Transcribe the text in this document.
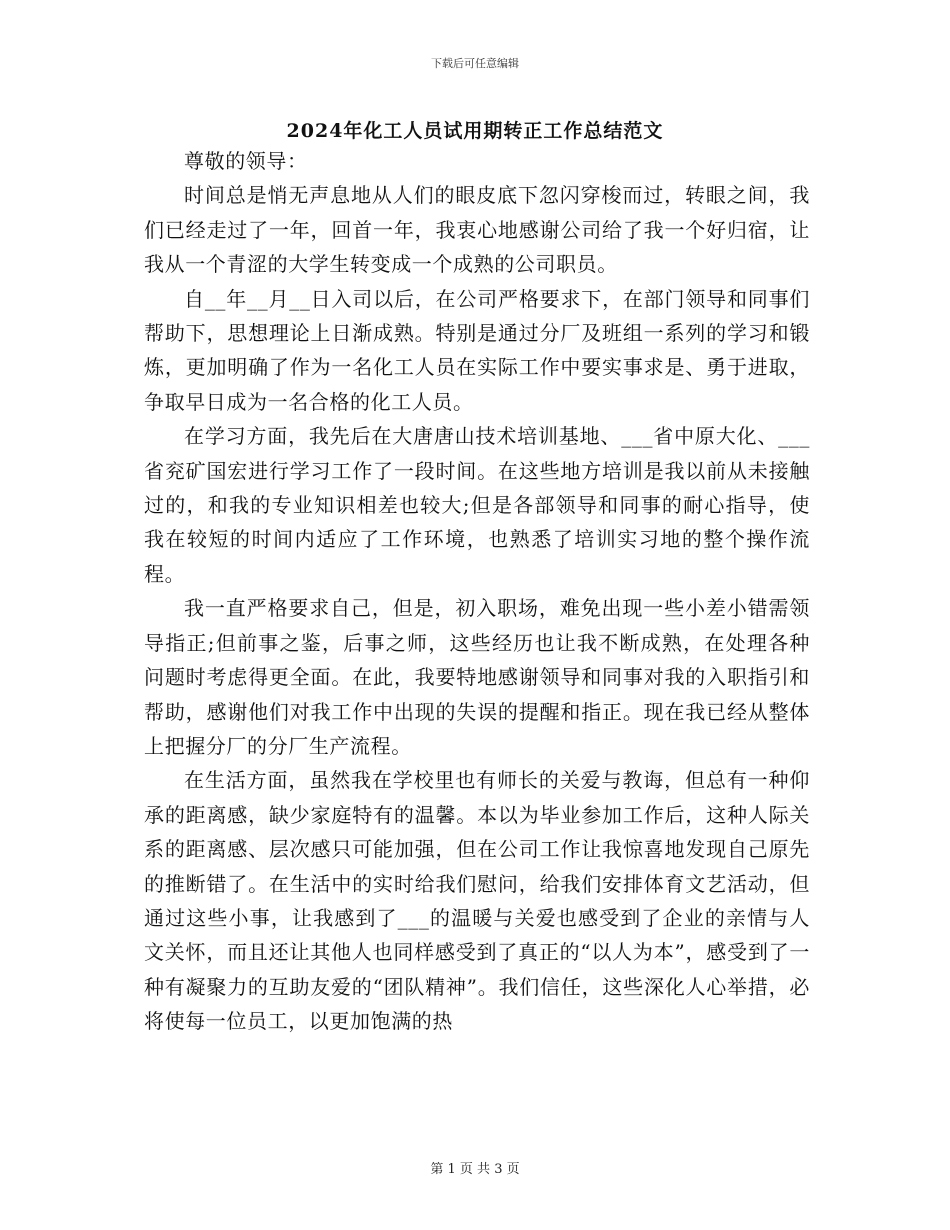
下载后可任意编辑
2024年化工人员试用期转正工作总结范文

尊敬的领导：

时间总是悄无声息地从人们的眼皮底下忽闪穿梭而过，转眼之间，我们已经走过了一年，回首一年，我衷心地感谢公司给了我一个好归宿，让我从一个青涩的大学生转变成一个成熟的公司职员。

自__年__月__日入司以后，在公司严格要求下，在部门领导和同事们帮助下，思想理论上日渐成熟。特别是通过分厂及班组一系列的学习和锻炼，更加明确了作为一名化工人员在实际工作中要实事求是、勇于进取，争取早日成为一名合格的化工人员。

在学习方面，我先后在大唐唐山技术培训基地、___省中原大化、___省兖矿国宏进行学习工作了一段时间。在这些地方培训是我以前从未接触过的，和我的专业知识相差也较大;但是各部领导和同事的耐心指导，使我在较短的时间内适应了工作环境，也熟悉了培训实习地的整个操作流程。

我一直严格要求自己，但是，初入职场，难免出现一些小差小错需领导指正;但前事之鉴，后事之师，这些经历也让我不断成熟，在处理各种问题时考虑得更全面。在此，我要特地感谢领导和同事对我的入职指引和帮助，感谢他们对我工作中出现的失误的提醒和指正。现在我已经从整体上把握分厂的分厂生产流程。

在生活方面，虽然我在学校里也有师长的关爱与教诲，但总有一种仰承的距离感，缺少家庭特有的温馨。本以为毕业参加工作后，这种人际关系的距离感、层次感只可能加强，但在公司工作让我惊喜地发现自己原先的推断错了。在生活中的实时给我们慰问，给我们安排体育文艺活动，但通过这些小事，让我感到了___的温暖与关爱也感受到了企业的亲情与人文关怀，而且还让其他人也同样感受到了真正的“以人为本”，感受到了一种有凝聚力的互助友爱的“团队精神”。我们信任，这些深化人心举措，必将使每一位员工，以更加饱满的热

第 1 页 共 3 页
